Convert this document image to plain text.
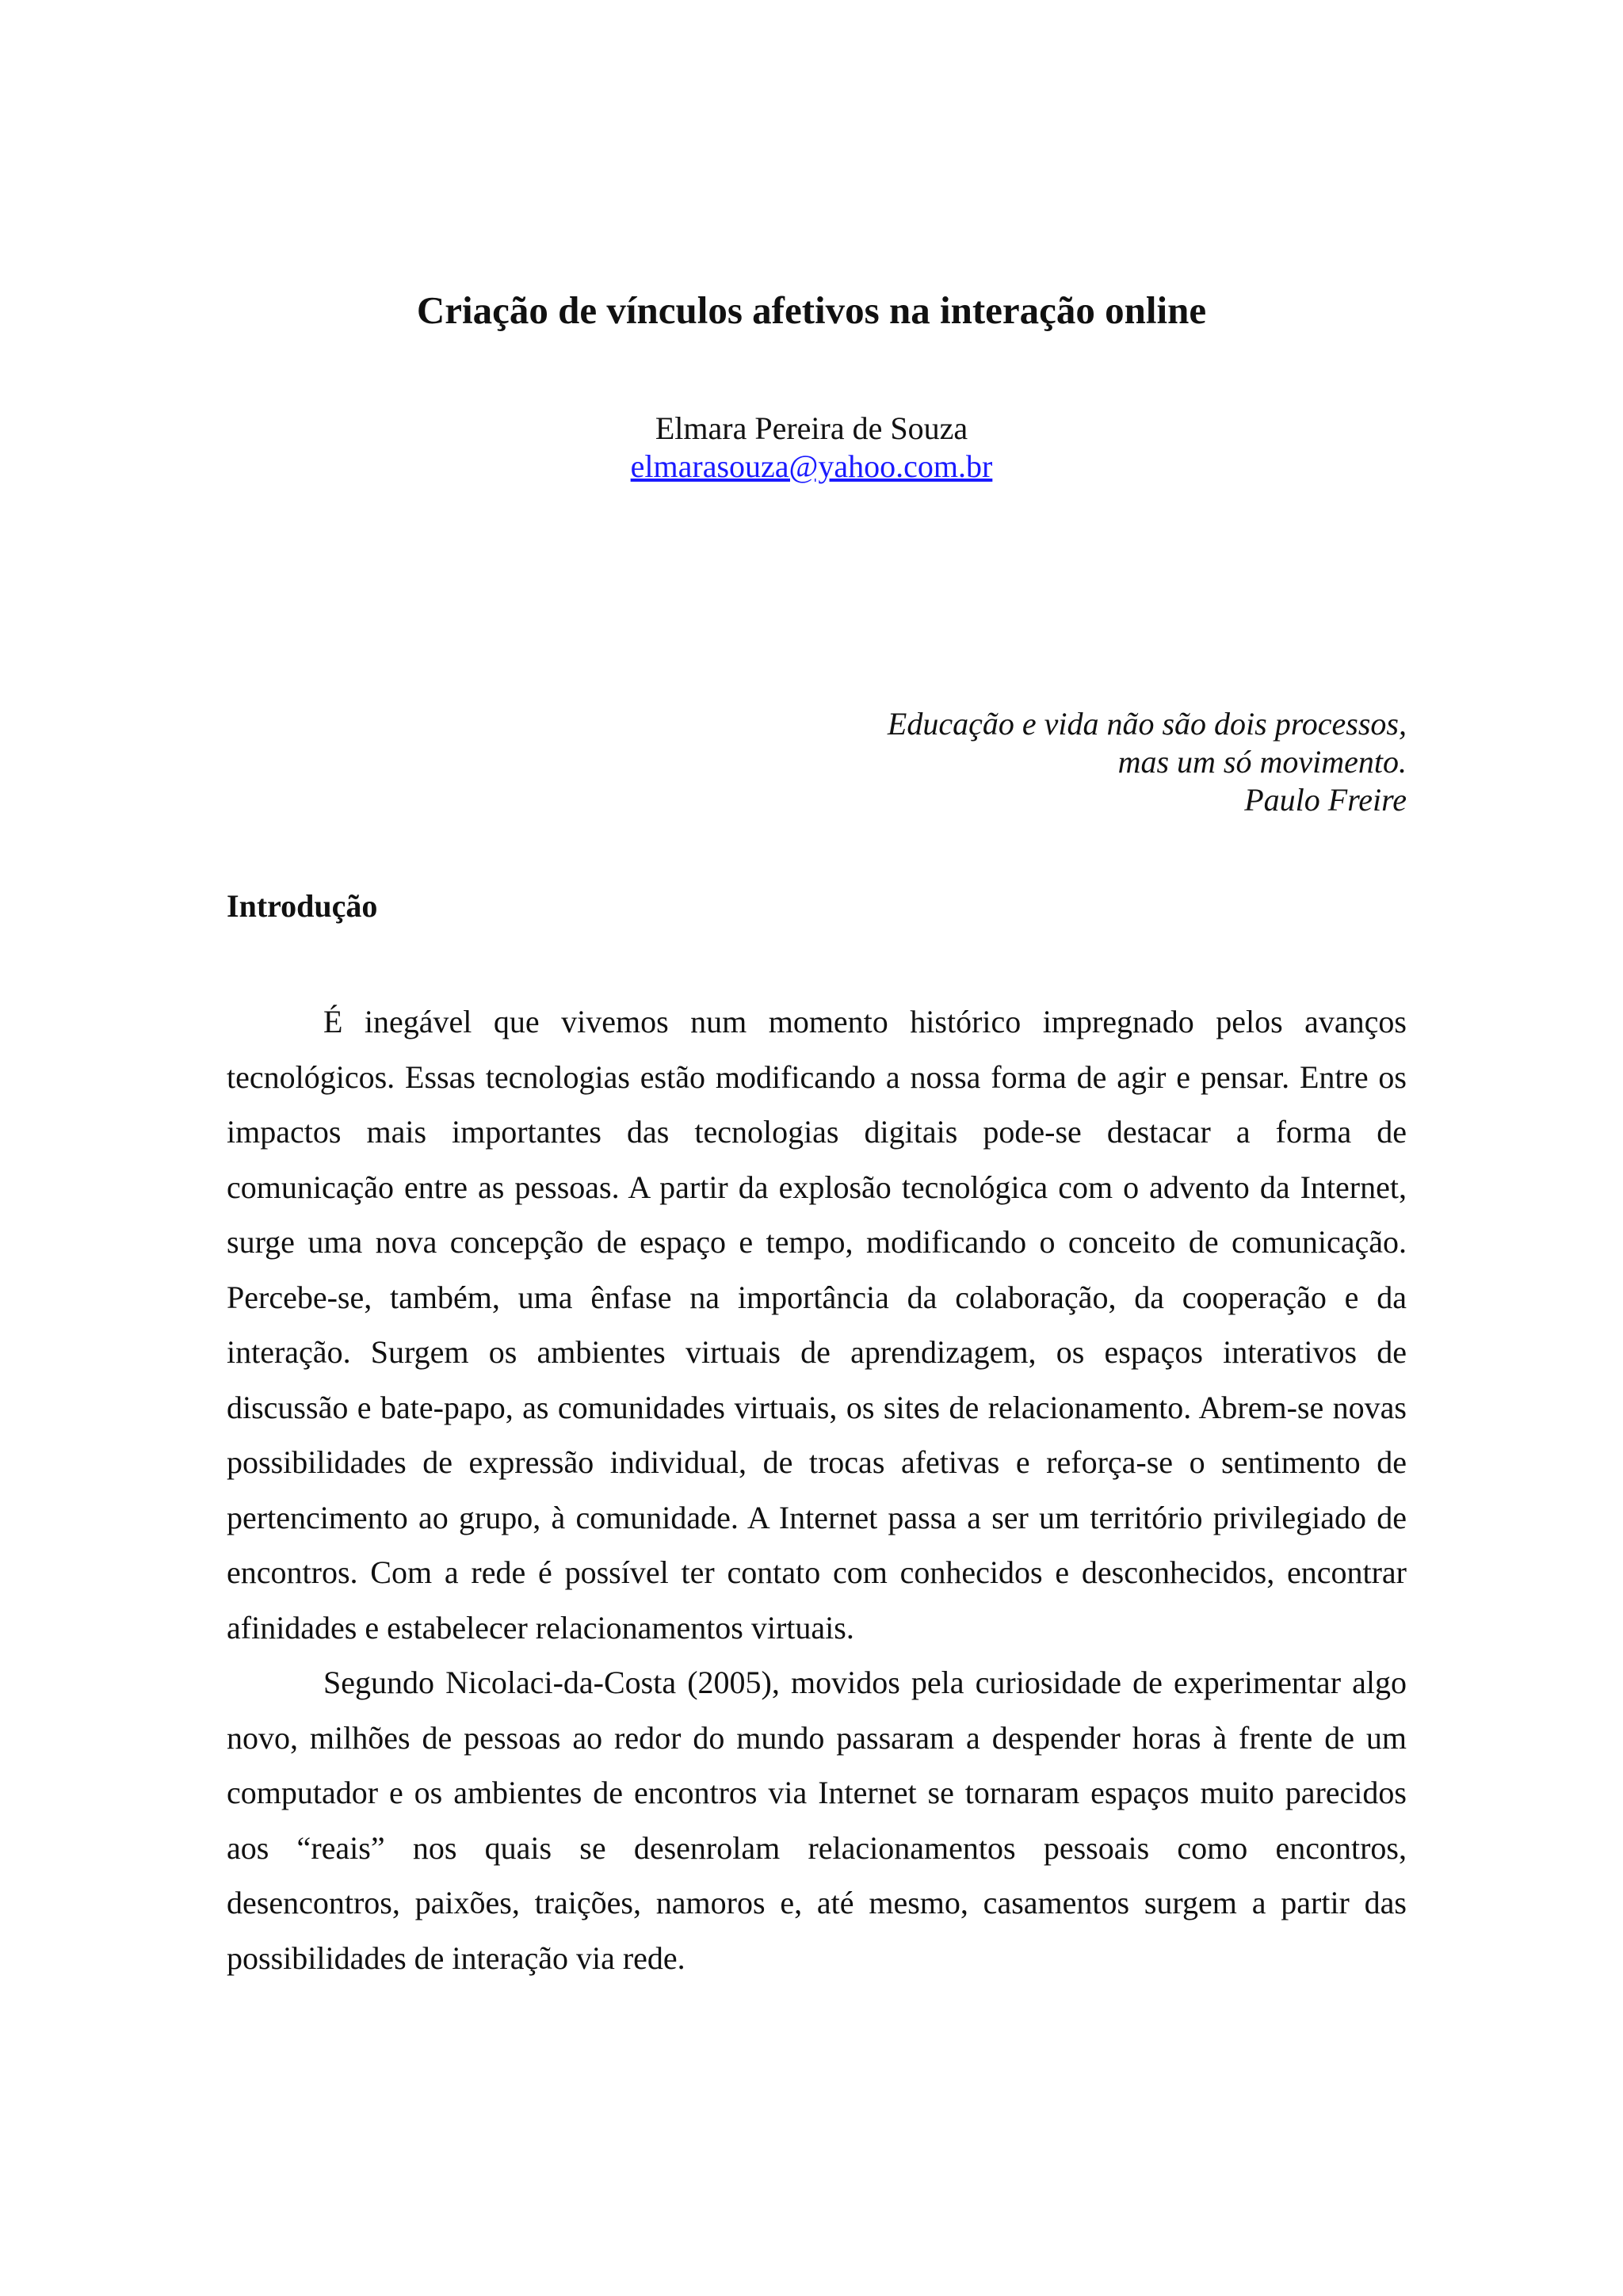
Criação de vínculos afetivos na interação online
Elmara Pereira de Souza
elmarasouza@yahoo.com.br
Educação e vida não são dois processos,
mas um só movimento.
Paulo Freire
Introdução

É inegável que vivemos num momento histórico impregnado pelos avanços tecnológicos. Essas tecnologias estão modificando a nossa forma de agir e pensar. Entre os impactos mais importantes das tecnologias digitais pode-se destacar a forma de comunicação entre as pessoas. A partir da explosão tecnológica com o advento da Internet, surge uma nova concepção de espaço e tempo, modificando o conceito de comunicação. Percebe-se, também, uma ênfase na importância da colaboração, da cooperação e da interação. Surgem os ambientes virtuais de aprendizagem, os espaços interativos de discussão e bate-papo, as comunidades virtuais, os sites de relacionamento. Abrem-se novas possibilidades de expressão individual, de trocas afetivas e reforça-se o sentimento de pertencimento ao grupo, à comunidade. A Internet passa a ser um território privilegiado de encontros. Com a rede é possível ter contato com conhecidos e desconhecidos, encontrar afinidades e estabelecer relacionamentos virtuais.

Segundo Nicolaci-da-Costa (2005), movidos pela curiosidade de experimentar algo novo, milhões de pessoas ao redor do mundo passaram a despender horas à frente de um computador e os ambientes de encontros via Internet se tornaram espaços muito parecidos aos “reais” nos quais se desenrolam relacionamentos pessoais como encontros, desencontros, paixões, traições, namoros e, até mesmo, casamentos surgem a partir das possibilidades de interação via rede.
